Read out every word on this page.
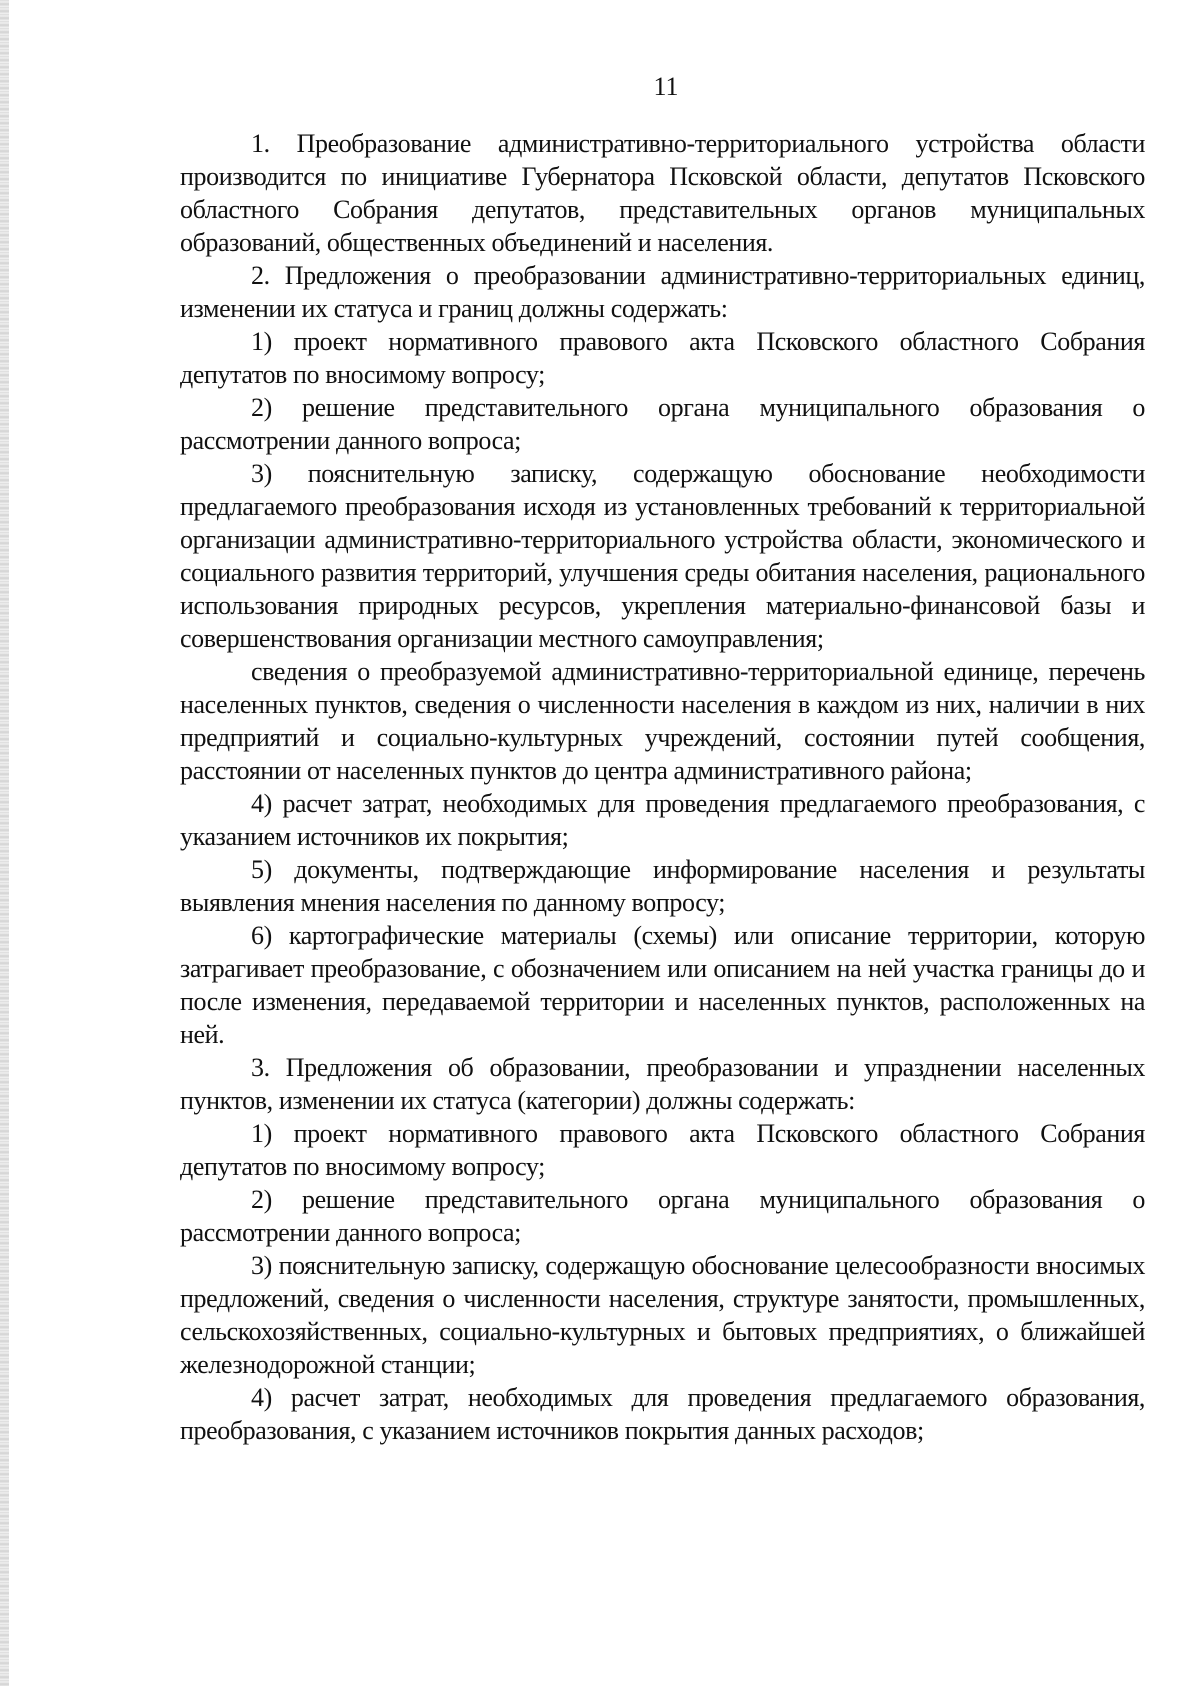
11

1. Преобразование административно-территориального устройства области производится по инициативе Губернатора Псковской области, депутатов Псковского областного Собрания депутатов, представительных органов муниципальных образований, общественных объединений и населения.

2. Предложения о преобразовании административно-территориальных единиц, изменении их статуса и границ должны содержать:

1) проект нормативного правового акта Псковского областного Собрания депутатов по вносимому вопросу;

2) решение представительного органа муниципального образования о рассмотрении данного вопроса;

3) пояснительную записку, содержащую обоснование необходимости предлагаемого преобразования исходя из установленных требований к территориальной организации административно-территориального устройства области, экономического и социального развития территорий, улучшения среды обитания населения, рационального использования природных ресурсов, укрепления материально-финансовой базы и совершенствования организации местного самоуправления;

сведения о преобразуемой административно-территориальной единице, перечень населенных пунктов, сведения о численности населения в каждом из них, наличии в них предприятий и социально-культурных учреждений, состоянии путей сообщения, расстоянии от населенных пунктов до центра административного района;

4) расчет затрат, необходимых для проведения предлагаемого преобразования, с указанием источников их покрытия;

5) документы, подтверждающие информирование населения и результаты выявления мнения населения по данному вопросу;

6) картографические материалы (схемы) или описание территории, которую затрагивает преобразование, с обозначением или описанием на ней участка границы до и после изменения, передаваемой территории и населенных пунктов, расположенных на ней.

3. Предложения об образовании, преобразовании и упразднении населенных пунктов, изменении их статуса (категории) должны содержать:

1) проект нормативного правового акта Псковского областного Собрания депутатов по вносимому вопросу;

2) решение представительного органа муниципального образования о рассмотрении данного вопроса;

3) пояснительную записку, содержащую обоснование целесообразности вносимых предложений, сведения о численности населения, структуре занятости, промышленных, сельскохозяйственных, социально-культурных и бытовых предприятиях, о ближайшей железнодорожной станции;

4) расчет затрат, необходимых для проведения предлагаемого образования, преобразования, с указанием источников покрытия данных расходов;
